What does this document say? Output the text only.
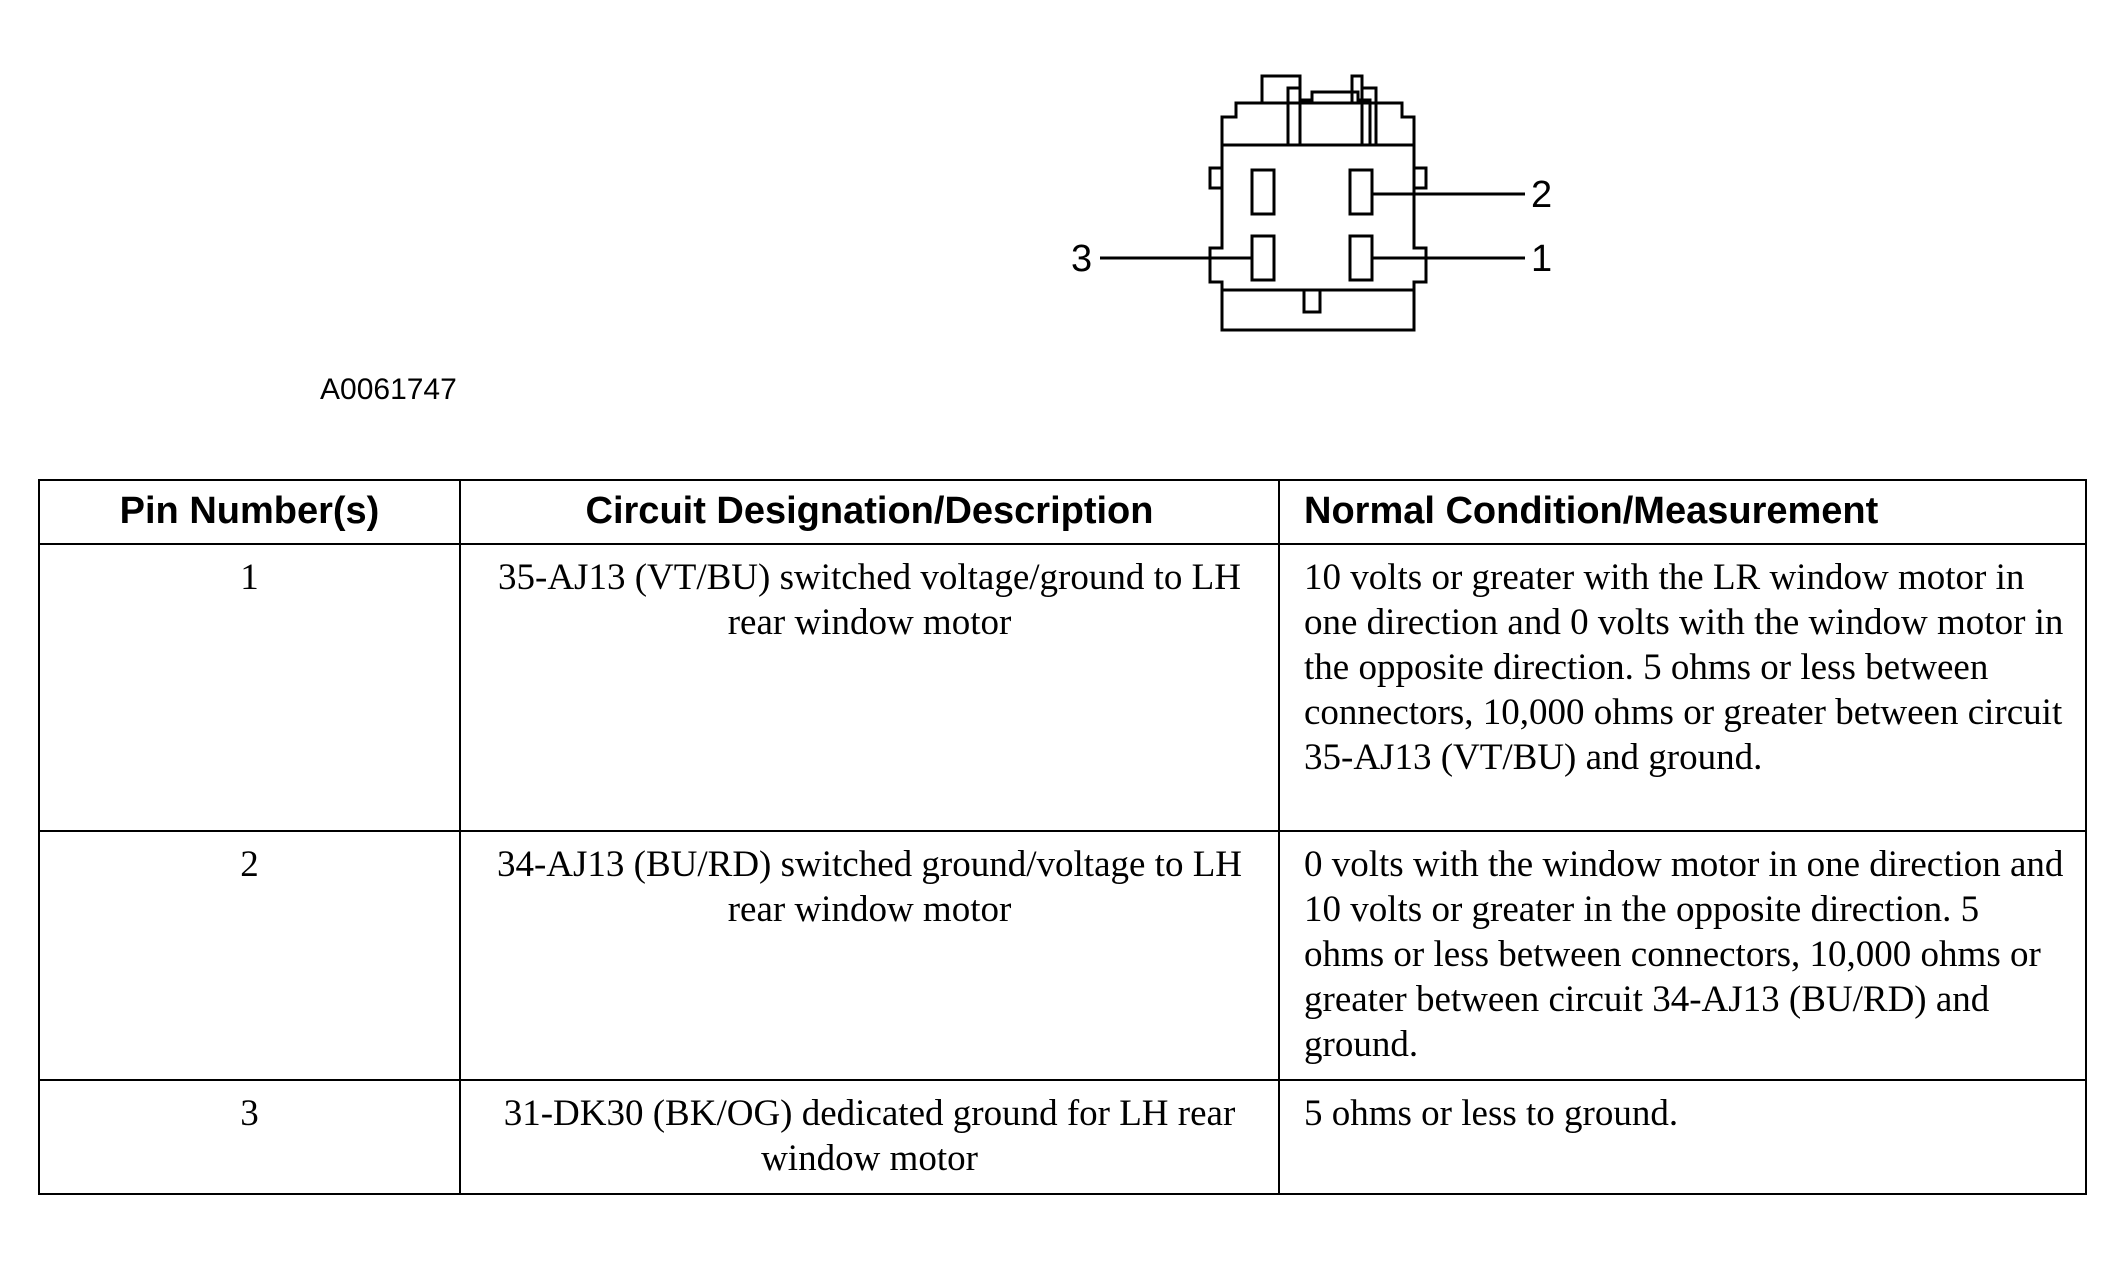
2
1
3
A0061747
Pin Number(s)	Circuit Designation/Description	Normal Condition/Measurement
1	35-AJ13 (VT/BU) switched voltage/ground to LH rear window motor	10 volts or greater with the LR window motor in one direction and 0 volts with the window motor in the opposite direction. 5 ohms or less between connectors, 10,000 ohms or greater between circuit 35-AJ13 (VT/BU) and ground.
2	34-AJ13 (BU/RD) switched ground/voltage to LH rear window motor	0 volts with the window motor in one direction and 10 volts or greater in the opposite direction. 5 ohms or less between connectors, 10,000 ohms or greater between circuit 34-AJ13 (BU/RD) and ground.
3	31-DK30 (BK/OG) dedicated ground for LH rear window motor	5 ohms or less to ground.
